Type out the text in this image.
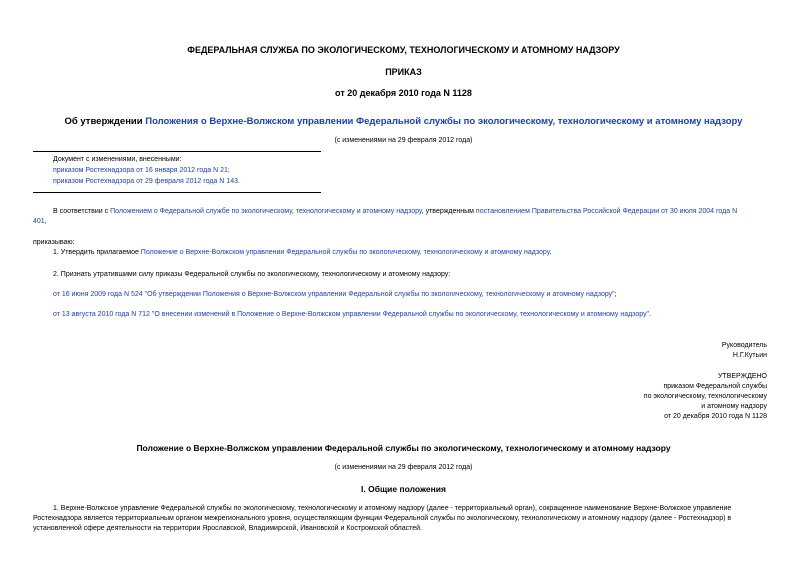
ФЕДЕРАЛЬНАЯ СЛУЖБА ПО ЭКОЛОГИЧЕСКОМУ, ТЕХНОЛОГИЧЕСКОМУ И АТОМНОМУ НАДЗОРУ
ПРИКАЗ
от 20 декабря 2010 года N 1128
Об утверждении Положения о Верхне-Волжском управлении Федеральной службы по экологическому, технологическому и атомному надзору
(с изменениями на 29 февраля 2012 года)
Документ с изменениями, внесенными:
приказом Ростехнадзора от 16 января 2012 года N 21;
приказом Ростехнадзора от 29 февраля 2012 года N 143.
В соответствии с Положением о Федеральной службе по экологическому, технологическому и атомному надзору, утвержденным постановлением Правительства Российской Федерации от 30 июля 2004 года N
401,
приказываю:
1. Утвердить прилагаемое Положение о Верхне-Волжском управлении Федеральной службы по экологическому, технологическому и атомному надзору.
2. Признать утратившими силу приказы Федеральной службы по экологическому, технологическому и атомному надзору:
от 16 июня 2009 года N 524 "Об утверждении Положения о Верхне-Волжском управлении Федеральной службы по экологическому, технологическому и атомному надзору";
от 13 августа 2010 года N 712 "О внесении изменений в Положение о Верхне-Волжском управлении Федеральной службы по экологическому, технологическому и атомному надзору".
Руководитель
Н.Г.Кутьин
УТВЕРЖДЕНО
приказом Федеральной службы
по экологическому, технологическому
и атомному надзору
от 20 декабря 2010 года N 1128
Положение о Верхне-Волжском управлении Федеральной службы по экологическому, технологическому и атомному надзору
(с изменениями на 29 февраля 2012 года)
I. Общие положения
1. Верхне-Волжское управление Федеральной службы по экологическому, технологическому и атомному надзору (далее - территориальный орган), сокращенное наименование Верхне-Волжское управление
Ростехнадзора является территориальным органом межрегионального уровня, осуществляющим функции Федеральной службы по экологическому, технологическому и атомному надзору (далее - Ростехнадзор) в
установленной сфере деятельности на территории Ярославской, Владимирской, Ивановской и Костромской областей.
